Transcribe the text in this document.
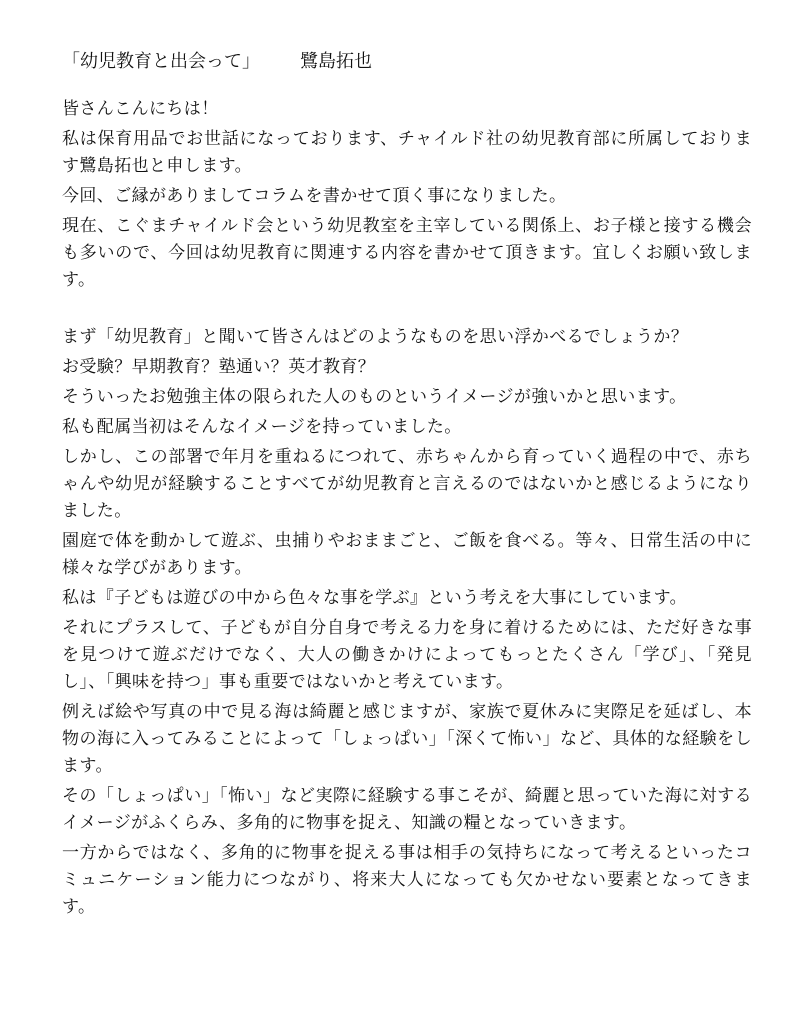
「幼児教育と出会って」 鷺島拓也

皆さんこんにちは！

私は保育用品でお世話になっております、チャイルド社の幼児教育部に所属しております鷺島拓也と申します。

今回、ご縁がありましてコラムを書かせて頂く事になりました。

現在、こぐまチャイルド会という幼児教室を主宰している関係上、お子様と接する機会も多いので、今回は幼児教育に関連する内容を書かせて頂きます。宜しくお願い致します。

まず「幼児教育」と聞いて皆さんはどのようなものを思い浮かべるでしょうか？

お受験？早期教育？塾通い？英才教育？

そういったお勉強主体の限られた人のものというイメージが強いかと思います。

私も配属当初はそんなイメージを持っていました。

しかし、この部署で年月を重ねるにつれて、赤ちゃんから育っていく過程の中で、赤ちゃんや幼児が経験することすべてが幼児教育と言えるのではないかと感じるようになりました。

園庭で体を動かして遊ぶ、虫捕りやおままごと、ご飯を食べる。等々、日常生活の中に様々な学びがあります。

私は『子どもは遊びの中から色々な事を学ぶ』という考えを大事にしています。

それにプラスして、子どもが自分自身で考える力を身に着けるためには、ただ好きな事を見つけて遊ぶだけでなく、大人の働きかけによってもっとたくさん「学び」、「発見し」、「興味を持つ」事も重要ではないかと考えています。

例えば絵や写真の中で見る海は綺麗と感じますが、家族で夏休みに実際足を延ばし、本物の海に入ってみることによって「しょっぱい」「深くて怖い」など、具体的な経験をします。

その「しょっぱい」「怖い」など実際に経験する事こそが、綺麗と思っていた海に対するイメージがふくらみ、多角的に物事を捉え、知識の糧となっていきます。

一方からではなく、多角的に物事を捉える事は相手の気持ちになって考えるといったコミュニケーション能力につながり、将来大人になっても欠かせない要素となってきます。
